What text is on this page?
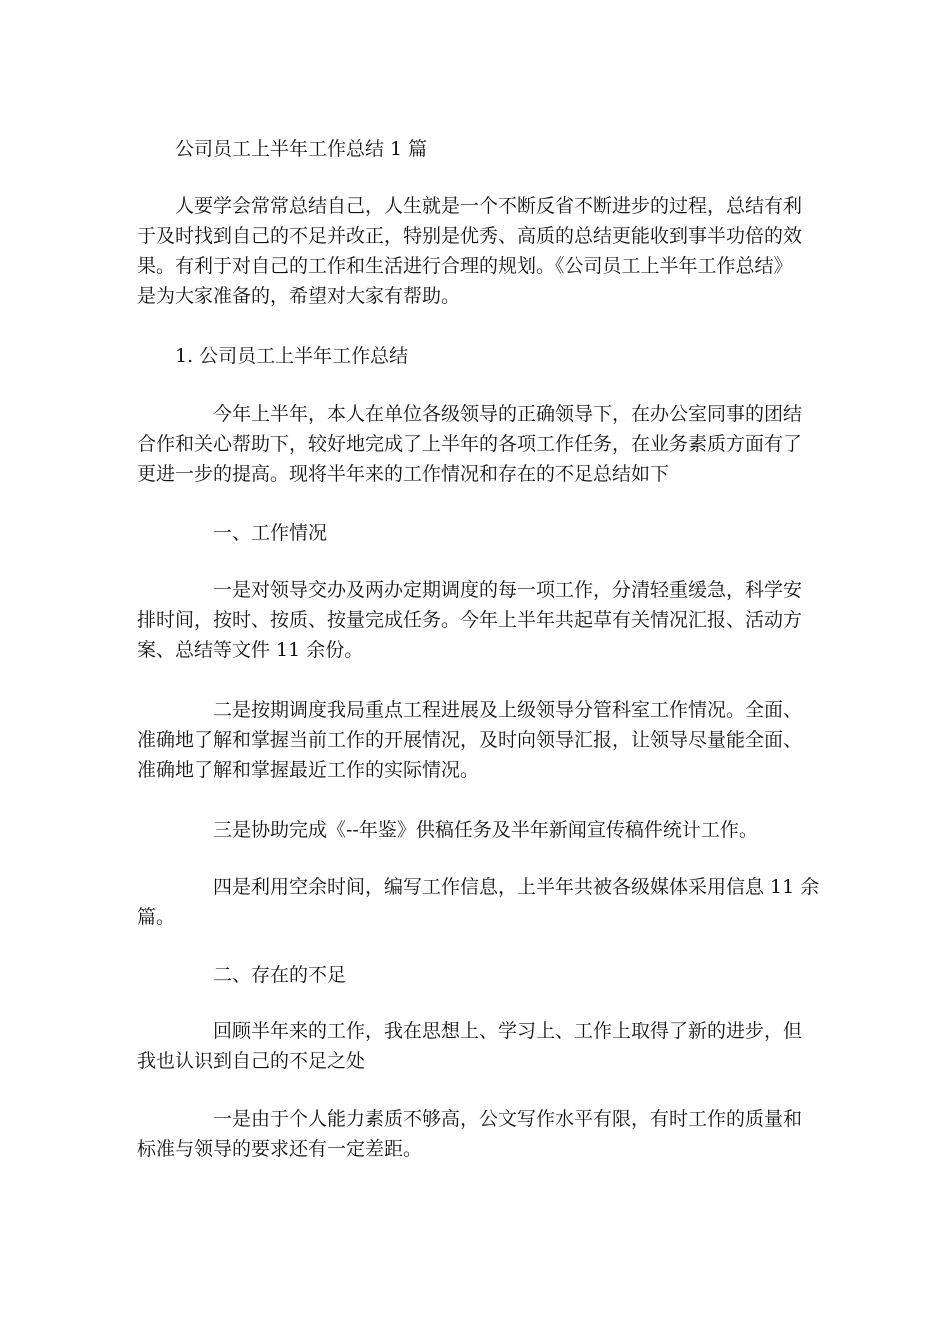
公司员工上半年工作总结 1 篇
人要学会常常总结自己，人生就是一个不断反省不断进步的过程，总结有利
于及时找到自己的不足并改正，特别是优秀、高质的总结更能收到事半功倍的效
果。有利于对自己的工作和生活进行合理的规划。《公司员工上半年工作总结》
是为大家准备的，希望对大家有帮助。
1. 公司员工上半年工作总结
今年上半年，本人在单位各级领导的正确领导下，在办公室同事的团结
合作和关心帮助下，较好地完成了上半年的各项工作任务，在业务素质方面有了
更进一步的提高。现将半年来的工作情况和存在的不足总结如下
一、工作情况
一是对领导交办及两办定期调度的每一项工作，分清轻重缓急，科学安
排时间，按时、按质、按量完成任务。今年上半年共起草有关情况汇报、活动方
案、总结等文件 11 余份。
二是按期调度我局重点工程进展及上级领导分管科室工作情况。全面、
准确地了解和掌握当前工作的开展情况，及时向领导汇报，让领导尽量能全面、
准确地了解和掌握最近工作的实际情况。
三是协助完成《--年鉴》供稿任务及半年新闻宣传稿件统计工作。
四是利用空余时间，编写工作信息，上半年共被各级媒体采用信息 11 余
篇。
二、存在的不足
回顾半年来的工作，我在思想上、学习上、工作上取得了新的进步，但
我也认识到自己的不足之处
一是由于个人能力素质不够高，公文写作水平有限，有时工作的质量和
标准与领导的要求还有一定差距。
